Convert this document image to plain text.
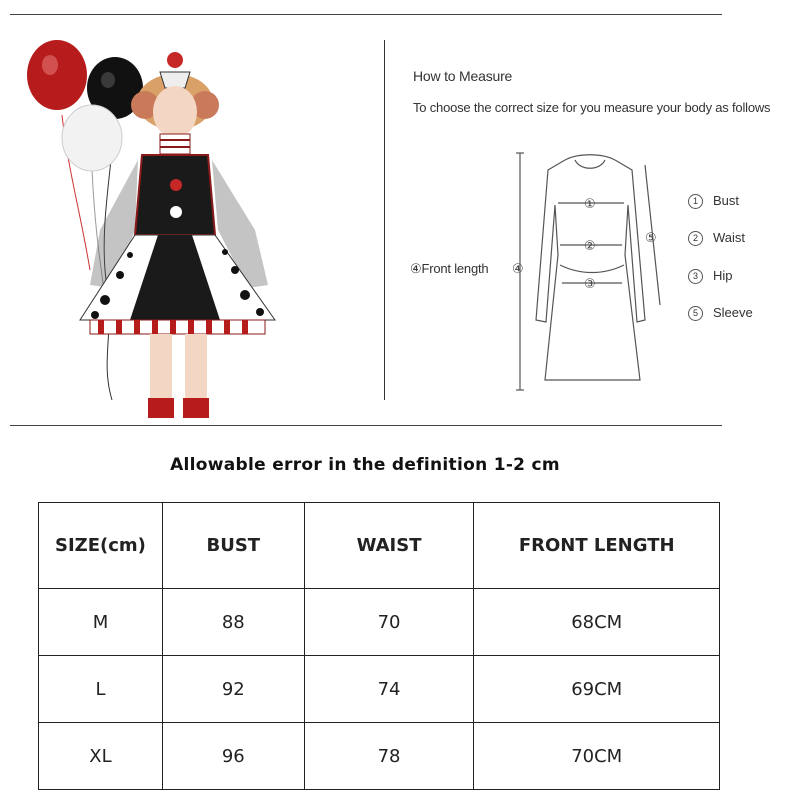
How to Measure
To choose the correct size for you measure your body as follows
④Front length ④
①
②
③
⑤
1 Bust
2 Waist
3 Hip
5 Sleeve
Allowable error in the definition 1-2 cm
SIZE(cm)	BUST	WAIST	FRONT LENGTH
M	88	70	68CM
L	92	74	69CM
XL	96	78	70CM
